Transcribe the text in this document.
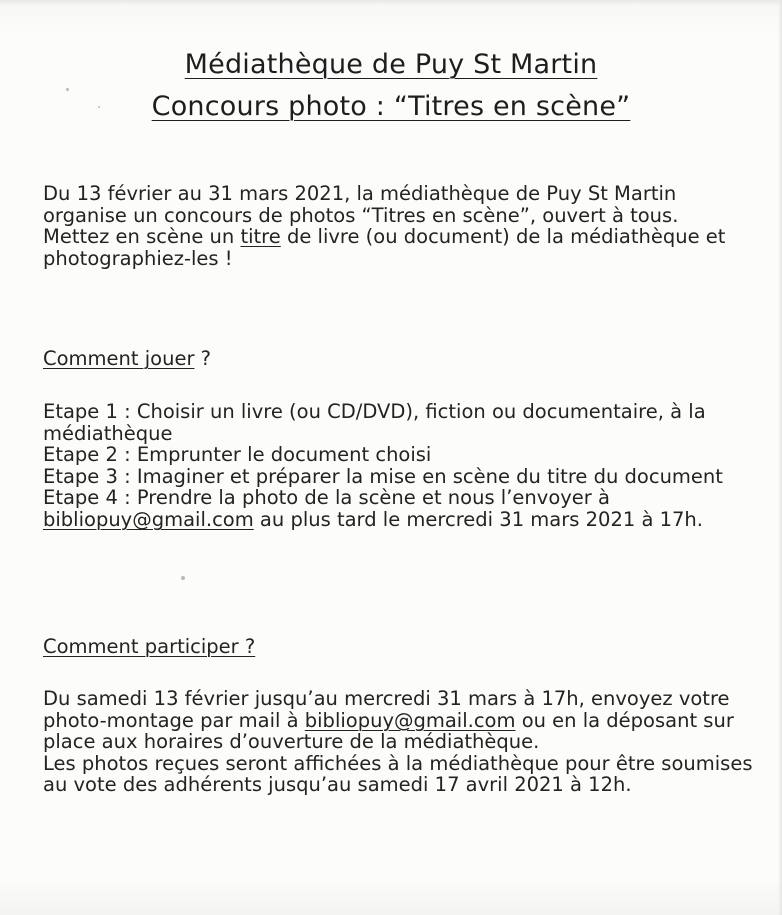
Médiathèque de Puy St Martin
Concours photo : “Titres en scène”

Du 13 février au 31 mars 2021, la médiathèque de Puy St Martin organise un concours de photos “Titres en scène”, ouvert à tous.

Mettez en scène un titre de livre (ou document) de la médiathèque et photographiez-les !

Comment jouer ?

Etape 1 : Choisir un livre (ou CD/DVD), fiction ou documentaire, à la médiathèque

Etape 2 : Emprunter le document choisi

Etape 3 : Imaginer et préparer la mise en scène du titre du document

Etape 4 : Prendre la photo de la scène et nous l’envoyer à bibliopuy@gmail.com au plus tard le mercredi 31 mars 2021 à 17h.

Comment participer ?

Du samedi 13 février jusqu’au mercredi 31 mars à 17h, envoyez votre photo-montage par mail à bibliopuy@gmail.com ou en la déposant sur place aux horaires d’ouverture de la médiathèque.

Les photos reçues seront affichées à la médiathèque pour être soumises au vote des adhérents jusqu’au samedi 17 avril 2021 à 12h.
